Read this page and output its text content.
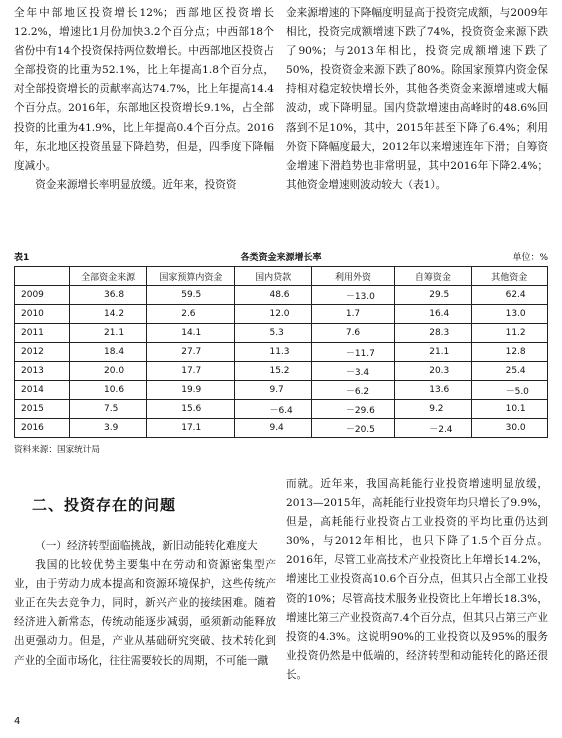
全年中部地区投资增长12%；西部地区投资增长12.2%，增速比1月份加快3.2个百分点；中西部18个省份中有14个投资保持两位数增长。中西部地区投资占全部投资的比重为52.1%，比上年提高1.8个百分点，对全部投资增长的贡献率高达74.7%，比上年提高14.4个百分点。2016年，东部地区投资增长9.1%，占全部投资的比重为41.9%，比上年提高0.4个百分点。2016年，东北地区投资虽显下降趋势，但是，四季度下降幅度减小。

资金来源增长率明显放缓。近年来，投资资

金来源增速的下降幅度明显高于投资完成额，与2009年相比，投资完成额增速下跌了74%，投资资金来源下跌了90%；与2013年相比，投资完成额增速下跌了50%，投资资金来源下跌了80%。除国家预算内资金保持相对稳定较快增长外，其他各类资金来源增速或大幅波动，或下降明显。国内贷款增速由高峰时的48.6%回落到不足10%，其中，2015年甚至下降了6.4%；利用外资下降幅度最大，2012年以来增速连年下滑；自筹资金增速下滑趋势也非常明显，其中2016年下降2.4%；其他资金增速则波动较大（表1）。

表1	各类资金来源增长率	单位：%
	全部资金来源	国家预算内资金	国内贷款	利用外资	自筹资金	其他资金
2009	36.8	59.5	48.6	－13.0	29.5	62.4
2010	14.2	2.6	12.0	1.7	16.4	13.0
2011	21.1	14.1	5.3	7.6	28.3	11.2
2012	18.4	27.7	11.3	－11.7	21.1	12.8
2013	20.0	17.7	15.2	－3.4	20.3	25.4
2014	10.6	19.9	9.7	－6.2	13.6	－5.0
2015	7.5	15.6	－6.4	－29.6	9.2	10.1
2016	3.9	17.1	9.4	－20.5	－2.4	30.0
资料来源：国家统计局
二、投资存在的问题

（一）经济转型面临挑战，新旧动能转化难度大

我国的比较优势主要集中在劳动和资源密集型产业，由于劳动力成本提高和资源环境保护，这些传统产业正在失去竞争力，同时，新兴产业的接续困难。随着经济进入新常态，传统动能逐步减弱，亟须新动能释放出更强动力。但是，产业从基础研究突破、技术转化到产业的全面市场化，往往需要较长的周期，不可能一蹴

而就。近年来，我国高耗能行业投资增速明显放缓，2013—2015年，高耗能行业投资年均只增长了9.9%，但是，高耗能行业投资占工业投资的平均比重仍达到30%，与2012年相比，也只下降了1.5个百分点。2016年，尽管工业高技术产业投资比上年增长14.2%，增速比工业投资高10.6个百分点，但其只占全部工业投资的10%；尽管高技术服务业投资比上年增长18.3%，增速比第三产业投资高7.4个百分点，但其只占第三产业投资的4.3%。这说明90%的工业投资以及95%的服务业投资仍然是中低端的，经济转型和动能转化的路还很长。

4
